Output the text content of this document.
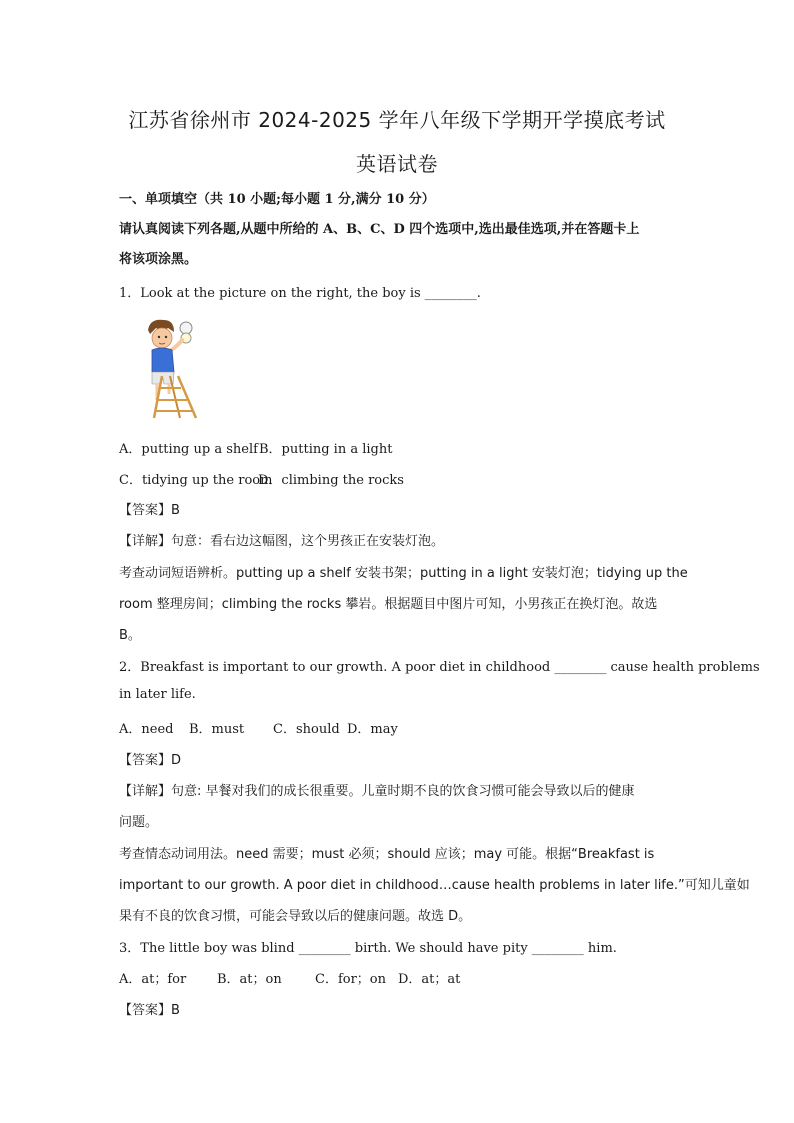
江苏省徐州市 2024-2025 学年八年级下学期开学摸底考试
英语试卷
一、单项填空（共 10 小题;每小题 1 分,满分 10 分）
请认真阅读下列各题,从题中所给的 A、B、C、D 四个选项中,选出最佳选项,并在答题卡上
将该项涂黑。
1．Look at the picture on the right, the boy is ________.
A．putting up a shelf B．putting in a light
C．tidying up the room
D．climbing the rocks
【答案】B
【详解】句意：看右边这幅图，这个男孩正在安装灯泡。
考查动词短语辨析。putting up a shelf 安装书架；putting in a light 安装灯泡；tidying up the
room 整理房间；climbing the rocks 攀岩。根据题目中图片可知，小男孩正在换灯泡。故选
B。
2．Breakfast is important to our growth. A poor diet in childhood ________ cause health problems
in later life.
A．need B．must C．should D．may
【答案】D
【详解】句意: 早餐对我们的成长很重要。儿童时期不良的饮食习惯可能会导致以后的健康
问题。
考查情态动词用法。need 需要；must 必须；should 应该；may 可能。根据“Breakfast is
important to our growth. A poor diet in childhood…cause health problems in later life.”可知儿童如
果有不良的饮食习惯，可能会导致以后的健康问题。故选 D。
3．The little boy was blind ________ birth. We should have pity ________ him.
A．at；for B．at；on	C．for；on D．at；at
【答案】B
